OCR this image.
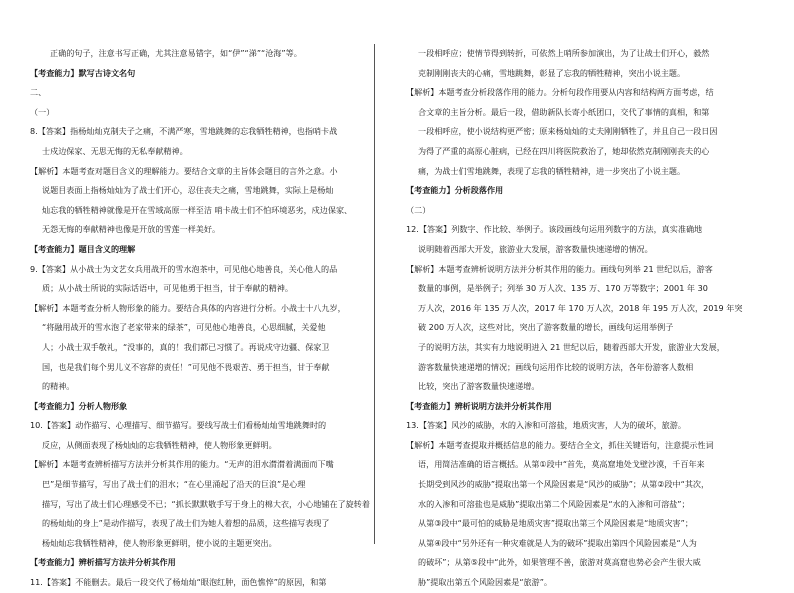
正确的句子，注意书写正确，尤其注意易错字，如“伊”“涕”“沧海”等。
【考查能力】默写古诗文名句
二、
（一）
8.【答案】指杨灿灿克制夫子之痛，不满严寒，雪地跳舞的忘我牺牲精神，也指哨卡战
士戍边保家、无思无悔的无私奉献精神。
【解析】本题考查对题目含义的理解能力。要结合文章的主旨体会题目的言外之意。小
说题目表面上指杨灿灿为了战士们开心，忍住丧夫之痛，雪地跳舞，实际上是杨灿
灿忘我的牺牲精神就像是开在雪域高原一样至洁 哨卡战士们不怕环境恶劣，戍边保家、
无怨无悔的奉献精神也像是开放的雪莲一样美好。
【考查能力】题目含义的理解
9.【答案】从小战士为文艺女兵用战开的雪水泡茶中，可见他心地善良，关心他人的品
质；从小战士所说的实际话语中，可见他勇于担当，甘于奉献的精神。
【解析】本题考查分析人物形象的能力。要结合具体的内容进行分析。小战士十八九岁，
“将融用战开的雪水泡了老家带来的绿茶”，可见他心地善良，心思细腻，关爱他
人；小战士双手敬礼，“没事的，真的！我们都已习惯了。再说戍守边疆、保家卫
国，也是我们每个男儿义不容辞的责任！”可见他不畏艰苦、勇于担当，甘于奉献
的精神。
【考查能力】分析人物形象
10.【答案】动作描写、心理描写、细节描写。要线写战士们看杨灿灿雪地跳舞时的
反应，从侧面表现了杨灿灿的忘我牺牲精神，使人物形象更鲜明。
【解析】本题考查辨析描写方法并分析其作用的能力。“无声的泪水潸潸着满面而下嘴
巴”是细节描写，写出了战士们的泪水；“在心里涌起了沿天的巨浪”是心理
描写，写出了战士们心理感受不已；“抓长默默敬手写于身上的棉大衣，小心地铺在了旋转着
的杨灿灿的身上”是动作描写，表现了战士们为她人着想的品质，这些描写表现了
杨灿灿忘我牺牲精神，使人物形象更鲜明，使小说的主题更突出。
【考查能力】辨析描写方法并分析其作用
11.【答案】不能删去。最后一段交代了杨灿灿“眼泡红肿，面色憔悴”的原因，和第
一段相呼应；使情节得到转折，可依然上哨所参加演出，为了让战士们开心，毅然
克制刚刚丧夫的心痛，雪地跳舞，彰显了忘我的牺牲精神，突出小说主题。
【解析】本题考查分析段落作用的能力。分析句段作用要从内容和结构两方面考虑，结
合文章的主旨分析。最后一段，借助新队长寄小纸团口，交代了事情的真相，和第
一段相呼应，使小说结构更严密；原来杨灿灿的丈夫刚刚牺牲了，并且自己一段日因
为得了严重的高原心脏病，已经在四川将医院救治了，她却依然克制刚刚丧夫的心
痛，为战士们雪地跳舞，表现了忘我的牺牲精神，进一步突出了小说主题。
【考查能力】分析段落作用
（二）
12.【答案】列数字、作比较、举例子。该段画线句运用列数字的方法，真实准确地
说明随着西部大开发，旅游业大发展，游客数量快速递增的情况。
【解析】本题考查辨析说明方法并分析其作用的能力。画线句列举 21 世纪以后，游客
数量的事例，是举例子；列举 30 万人次、135 万、170 万等数字；2001 年 30
万人次，2016 年 135 万人次，2017 年 170 万人次，2018 年 195 万人次，2019 年突
破 200 万人次，这些对比，突出了游客数量的增长，画线句运用举例子
子的说明方法，其实有力地说明进入 21 世纪以后，随着西部大开发，旅游业大发展，
游客数量快速递增的情况；画线句运用作比较的说明方法，各年份游客人数相
比较，突出了游客数量快速递增。
【考查能力】辨析说明方法并分析其作用
13.【答案】风沙的威胁，水的入渗和可溶盐，地质灾害，人为的破坏，旅游。
【解析】本题考查提取并概括信息的能力。要结合全文，抓住关键语句，注意提示性词
语，用简洁准确的语言概括。从第①段中“首先，莫高窟地处戈壁沙漠，千百年来
长期受到风沙的威胁”提取出第一个风险因素是“风沙的威胁”；从第②段中“其次，
水的入渗和可溶盐也是威胁”提取出第二个风险因素是“水的入渗和可溶盐”；
从第③段中“最可怕的威胁是地质灾害”提取出第三个风险因素是“地质灾害”；
从第④段中“另外还有一种灾难就是人为的破坏”提取出第四个风险因素是“人为
的破坏”；从第⑤段中“此外，如果管理不善，旅游对莫高窟也势必会产生很大威
胁”提取出第五个风险因素是“旅游”。
